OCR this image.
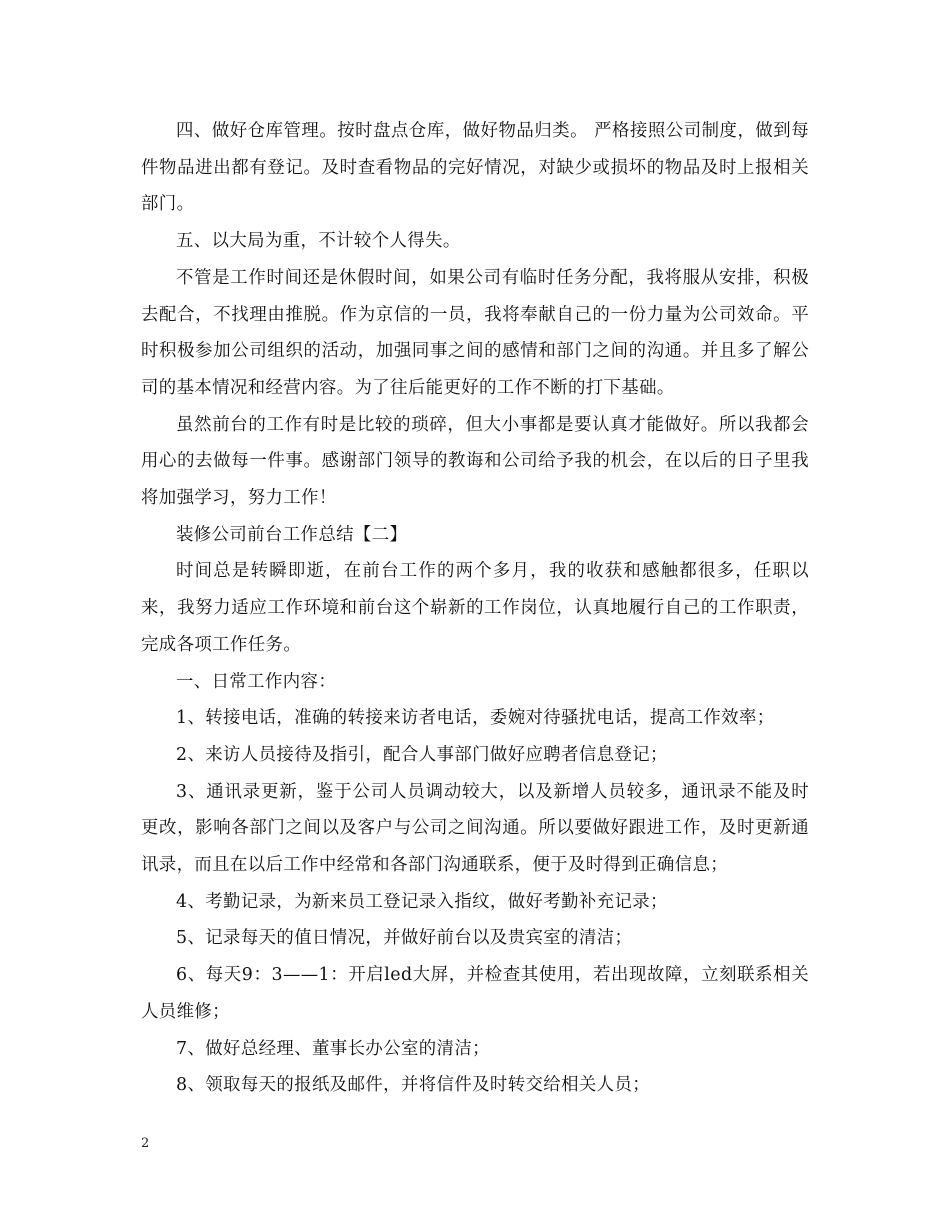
四、做好仓库管理。按时盘点仓库，做好物品归类。 严格接照公司制度，做到每件物品进出都有登记。及时查看物品的完好情况，对缺少或损坏的物品及时上报相关部门。

五、以大局为重，不计较个人得失。

不管是工作时间还是休假时间，如果公司有临时任务分配，我将服从安排，积极去配合，不找理由推脱。作为京信的一员，我将奉献自己的一份力量为公司效命。平时积极参加公司组织的活动，加强同事之间的感情和部门之间的沟通。并且多了解公司的基本情况和经营内容。为了往后能更好的工作不断的打下基础。

虽然前台的工作有时是比较的琐碎，但大小事都是要认真才能做好。所以我都会用心的去做每一件事。感谢部门领导的教诲和公司给予我的机会，在以后的日子里我将加强学习，努力工作！

装修公司前台工作总结【二】

时间总是转瞬即逝，在前台工作的两个多月，我的收获和感触都很多，任职以来，我努力适应工作环境和前台这个崭新的工作岗位，认真地履行自己的工作职责，完成各项工作任务。

一、日常工作内容：

1、转接电话，准确的转接来访者电话，委婉对待骚扰电话，提高工作效率；

2、来访人员接待及指引，配合人事部门做好应聘者信息登记；

3、通讯录更新，鉴于公司人员调动较大，以及新增人员较多，通讯录不能及时更改，影响各部门之间以及客户与公司之间沟通。所以要做好跟进工作，及时更新通讯录，而且在以后工作中经常和各部门沟通联系，便于及时得到正确信息；

4、考勤记录，为新来员工登记录入指纹，做好考勤补充记录；

5、记录每天的值日情况，并做好前台以及贵宾室的清洁；

6、每天9：3——1：开启led大屏，并检查其使用，若出现故障，立刻联系相关人员维修；

7、做好总经理、董事长办公室的清洁；

8、领取每天的报纸及邮件，并将信件及时转交给相关人员；

2
